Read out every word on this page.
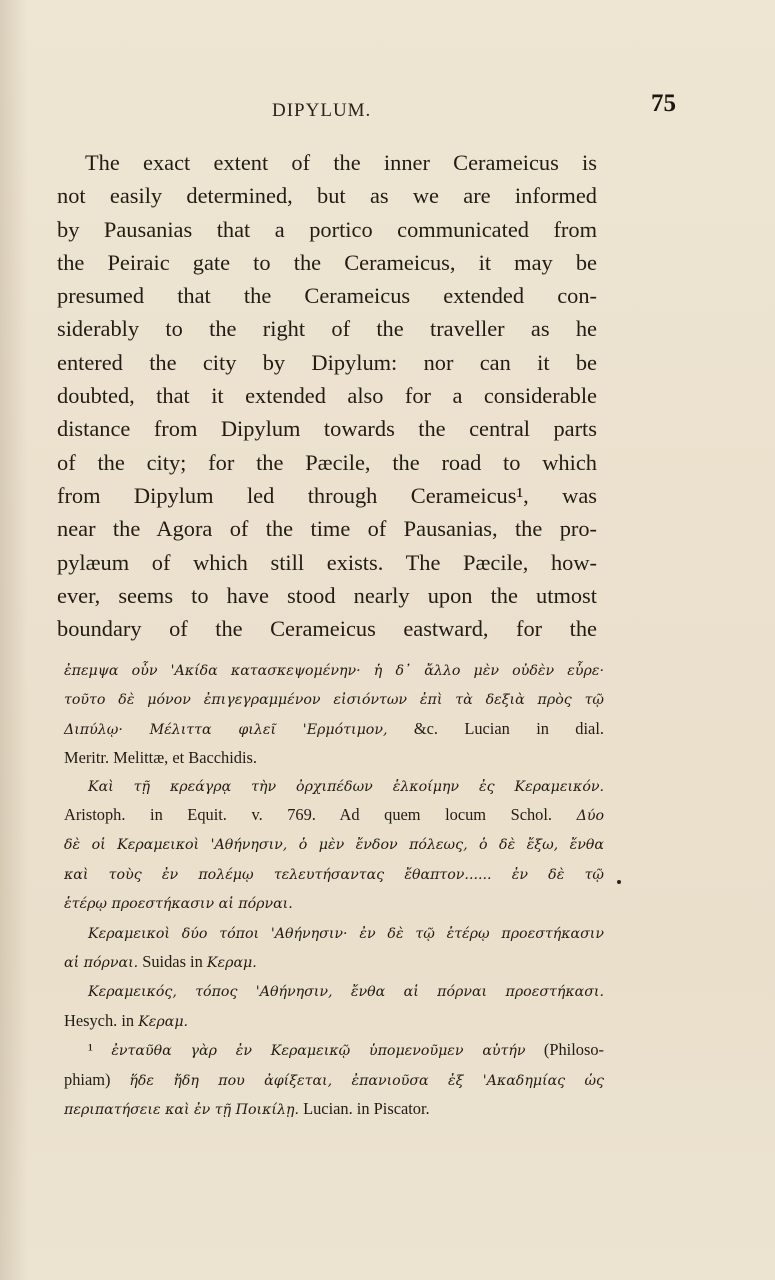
DIPYLUM.	75
The exact extent of the inner Cerameicus is
not easily determined, but as we are informed
by Pausanias that a portico communicated from
the Peiraic gate to the Cerameicus, it may be
presumed that the Cerameicus extended con-
siderably to the right of the traveller as he
entered the city by Dipylum: nor can it be
doubted, that it extended also for a considerable
distance from Dipylum towards the central parts
of the city; for the Pæcile, the road to which
from Dipylum led through Cerameicus¹, was
near the Agora of the time of Pausanias, the pro-
pylæum of which still exists. The Pæcile, how-
ever, seems to have stood nearly upon the utmost
boundary of the Cerameicus eastward, for the
ἐπεμψα οὖν 'Ακίδα κατασκεψομένην· ἡ δ᾽ ἄλλο μὲν οὐδὲν εὗρε·
τοῦτο δὲ μόνον ἐπιγεγραμμένον εἰσιόντων ἐπὶ τὰ δεξιὰ πρὸς τῷ
Διπύλῳ· Μέλιττα φιλεῖ 'Ερμότιμον, &c. Lucian in dial.
Meritr. Melittæ, et Bacchidis.
Καὶ τῇ κρεάγρᾳ τὴν ὀρχιπέδων ἑλκοίμην ἐς Κεραμεικόν.
Aristoph. in Equit. v. 769. Ad quem locum Schol. Δύο
δὲ οἱ Κεραμεικοὶ 'Αθήνησιν, ὁ μὲν ἔνδον πόλεως, ὁ δὲ ἔξω, ἔνθα
καὶ τοὺς ἐν πολέμῳ τελευτήσαντας ἔθαπτον...... ἐν δὲ τῷ
ἑτέρῳ προεστήκασιν αἱ πόρναι.
Κεραμεικοὶ δύο τόποι 'Αθήνησιν· ἐν δὲ τῷ ἑτέρῳ προεστήκασιν
αἱ πόρναι. Suidas in Κεραμ.
Κεραμεικός, τόπος 'Αθήνησιν, ἔνθα αἱ πόρναι προεστήκασι.
Hesych. in Κεραμ.
¹ ἐνταῦθα γὰρ ἐν Κεραμεικῷ ὑπομενοῦμεν αὐτήν (Philoso-
phiam) ἥδε ἤδη που ἀφίξεται, ἐπανιοῦσα ἐξ 'Ακαδημίας ὡς
περιπατήσειε καὶ ἐν τῇ Ποικίλῃ. Lucian. in Piscator.
